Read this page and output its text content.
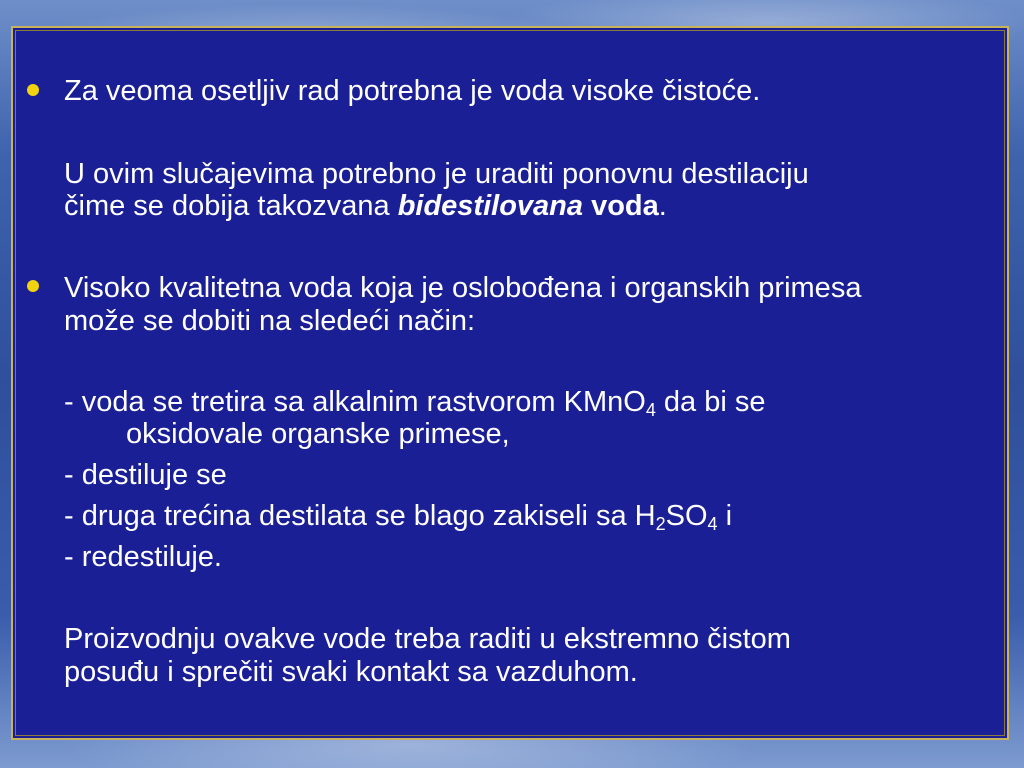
Za veoma osetljiv rad potrebna je voda visoke čistoće.
U ovim slučajevima potrebno je uraditi ponovnu destilaciju
čime se dobija takozvana bidestilovana voda.
Visoko kvalitetna voda koja je oslobođena i organskih primesa
može se dobiti na sledeći način:
- voda se tretira sa alkalnim rastvorom KMnO$_4$ da bi se
oksidovale organske primese,
- destiluje se
- druga trećina destilata se blago zakiseli sa $H_2SO_4$ i
- redestiluje.
Proizvodnju ovakve vode treba raditi u ekstremno čistom
posuđu i sprečiti svaki kontakt sa vazduhom.
